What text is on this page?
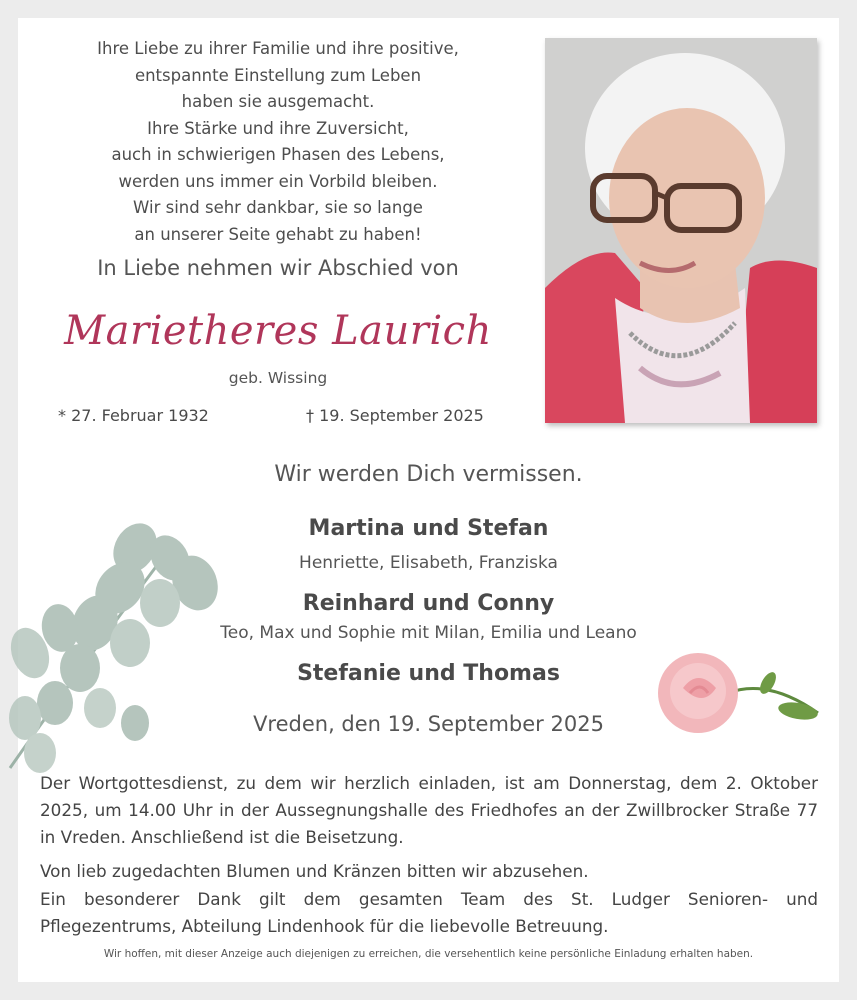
Ihre Liebe zu ihrer Familie und ihre positive,
entspannte Einstellung zum Leben
haben sie ausgemacht.
Ihre Stärke und ihre Zuversicht,
auch in schwierigen Phasen des Lebens,
werden uns immer ein Vorbild bleiben.
Wir sind sehr dankbar, sie so lange
an unserer Seite gehabt zu haben!
In Liebe nehmen wir Abschied von
Marietheres Laurich
geb. Wissing
* 27. Februar 1932	† 19. September 2025
Wir werden Dich vermissen.
Martina und Stefan
Henriette, Elisabeth, Franziska
Reinhard und Conny
Teo, Max und Sophie mit Milan, Emilia und Leano
Stefanie und Thomas
Vreden, den 19. September 2025
Der Wortgottesdienst, zu dem wir herzlich einladen, ist am Donnerstag, dem 2. Oktober 2025, um 14.00 Uhr in der Aussegnungshalle des Friedhofes an der Zwillbrocker Straße 77 in Vreden. Anschließend ist die Beisetzung.
Von lieb zugedachten Blumen und Kränzen bitten wir abzusehen.
Ein besonderer Dank gilt dem gesamten Team des St. Ludger Senioren- und Pflegezentrums, Abteilung Lindenhook für die liebevolle Betreuung.
Wir hoffen, mit dieser Anzeige auch diejenigen zu erreichen, die versehentlich keine persönliche Einladung erhalten haben.
